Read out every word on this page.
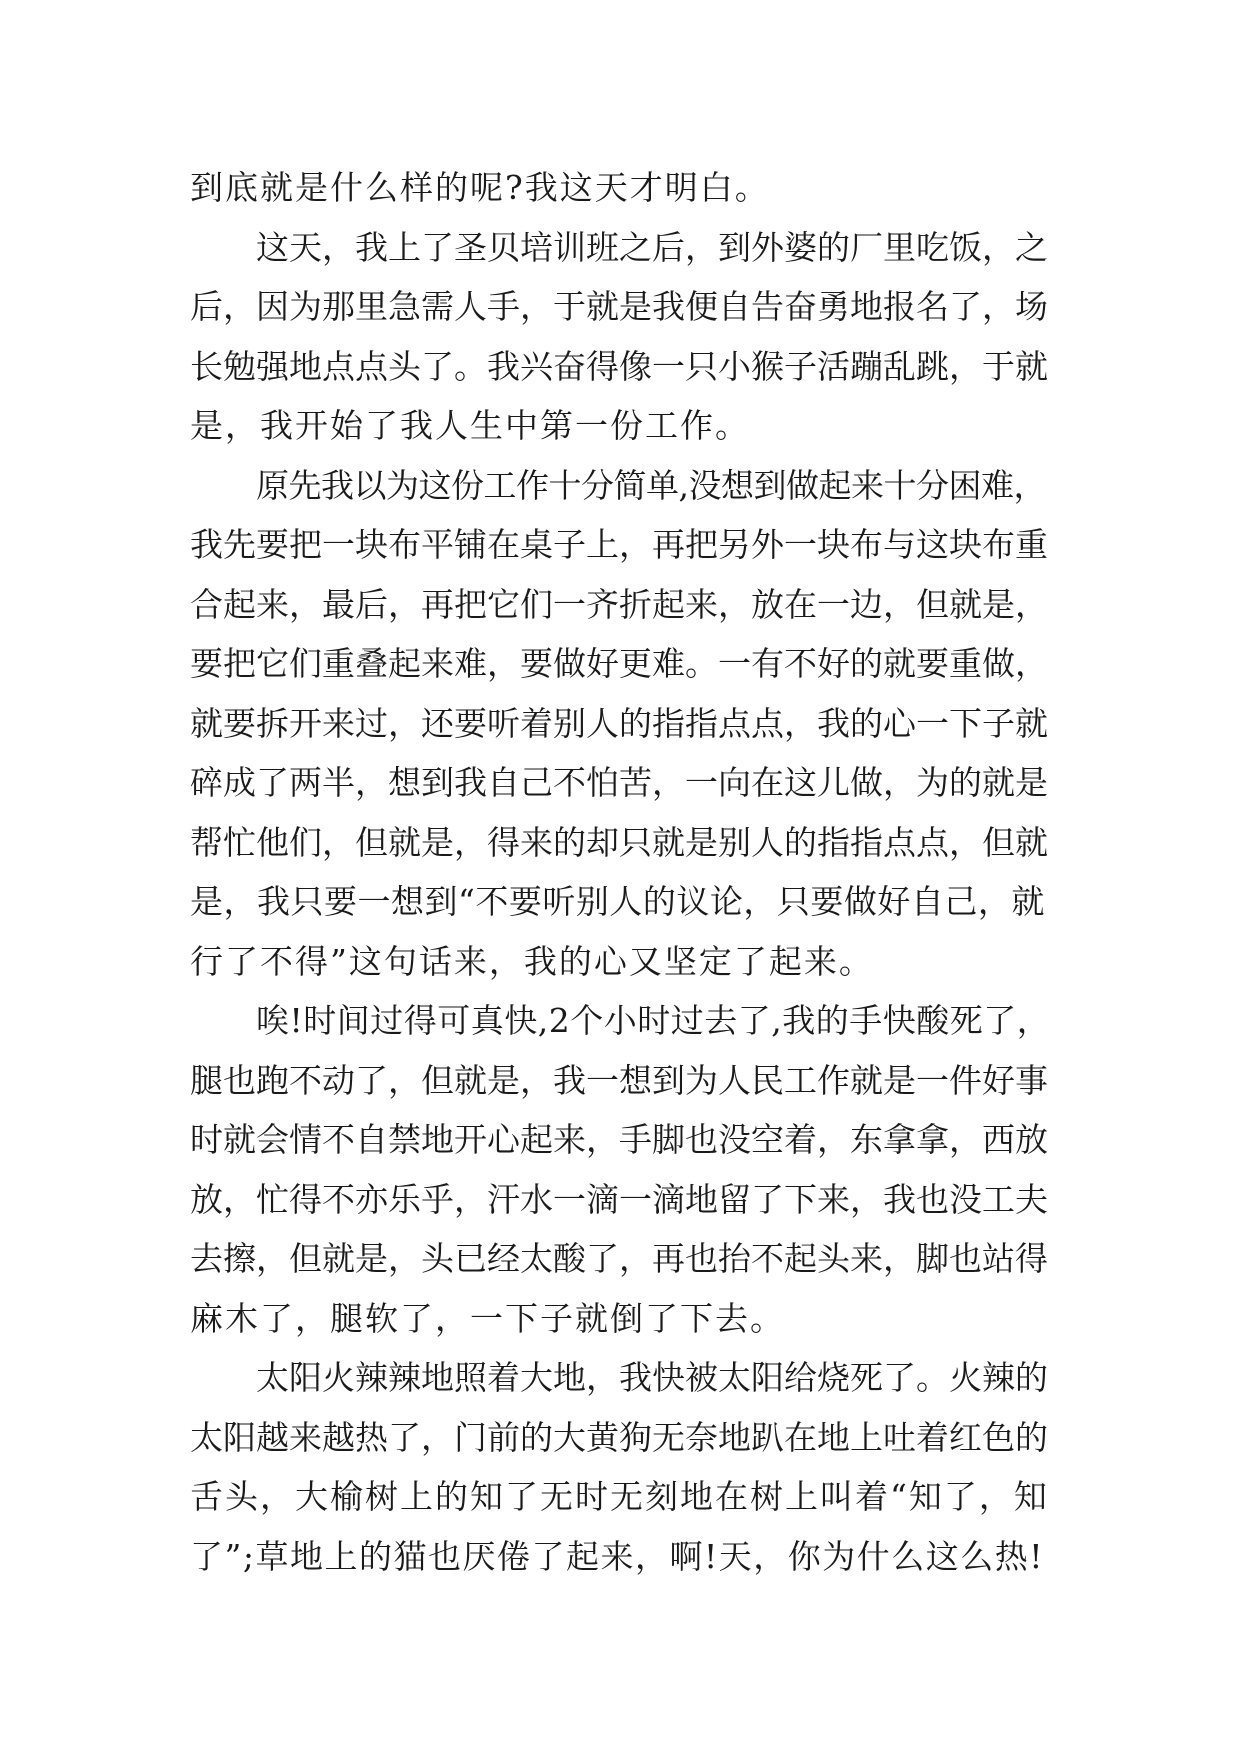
到底就是什么样的呢?我这天才明白。
这天，我上了圣贝培训班之后，到外婆的厂里吃饭，之
后，因为那里急需人手，于就是我便自告奋勇地报名了，场
长勉强地点点头了。我兴奋得像一只小猴子活蹦乱跳，于就
是，我开始了我人生中第一份工作。
原先我以为这份工作十分简单,没想到做起来十分困难，
我先要把一块布平铺在桌子上，再把另外一块布与这块布重
合起来，最后，再把它们一齐折起来，放在一边，但就是，
要把它们重叠起来难，要做好更难。一有不好的就要重做，
就要拆开来过，还要听着别人的指指点点，我的心一下子就
碎成了两半，想到我自己不怕苦，一向在这儿做，为的就是
帮忙他们，但就是，得来的却只就是别人的指指点点，但就
是，我只要一想到“不要听别人的议论，只要做好自己，就
行了不得”这句话来，我的心又坚定了起来。
唉!时间过得可真快,2个小时过去了,我的手快酸死了，
腿也跑不动了，但就是，我一想到为人民工作就是一件好事
时就会情不自禁地开心起来，手脚也没空着，东拿拿，西放
放，忙得不亦乐乎，汗水一滴一滴地留了下来，我也没工夫
去擦，但就是，头已经太酸了，再也抬不起头来，脚也站得
麻木了，腿软了，一下子就倒了下去。
太阳火辣辣地照着大地，我快被太阳给烧死了。火辣的
太阳越来越热了，门前的大黄狗无奈地趴在地上吐着红色的
舌头，大榆树上的知了无时无刻地在树上叫着“知了，知
了”;草地上的猫也厌倦了起来，啊!天，你为什么这么热!
